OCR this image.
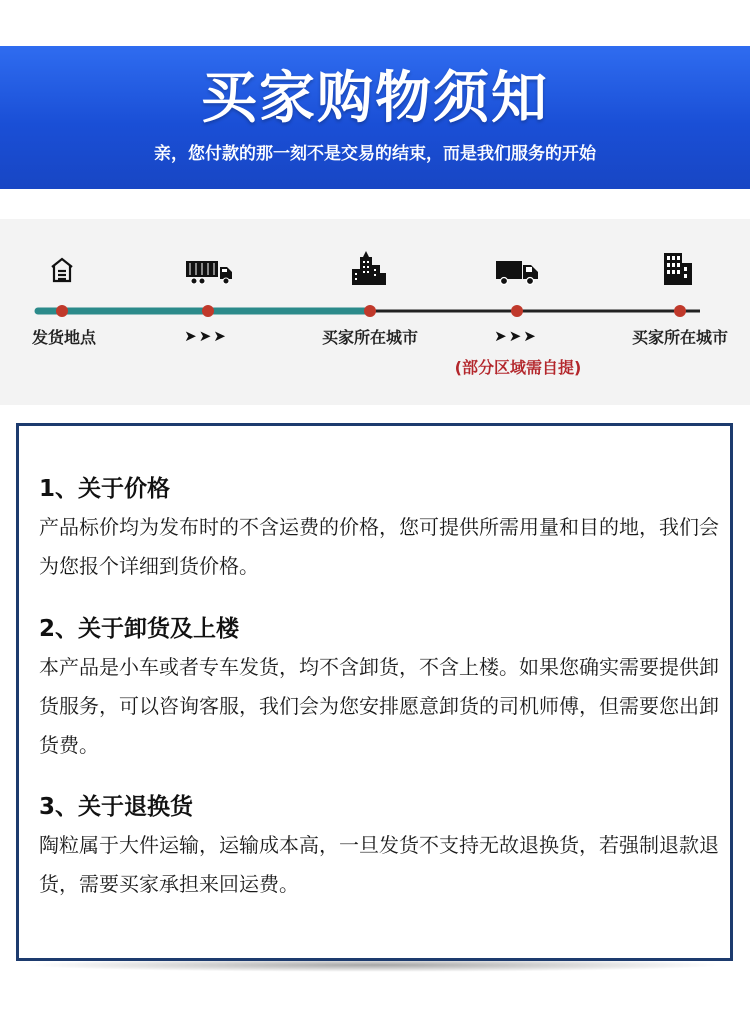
买家购物须知
亲，您付款的那一刻不是交易的结束，而是我们服务的开始
发货地点	➤➤➤	买家所在城市	➤➤➤
(部分区域需自提)
买家所在城市
1、关于价格

产品标价均为发布时的不含运费的价格，您可提供所需用量和目的地，我们会为您报个详细到货价格。

2、关于卸货及上楼

本产品是小车或者专车发货，均不含卸货，不含上楼。如果您确实需要提供卸货服务，可以咨询客服，我们会为您安排愿意卸货的司机师傅，但需要您出卸货费。

3、关于退换货

陶粒属于大件运输，运输成本高，一旦发货不支持无故退换货，若强制退款退货，需要买家承担来回运费。
